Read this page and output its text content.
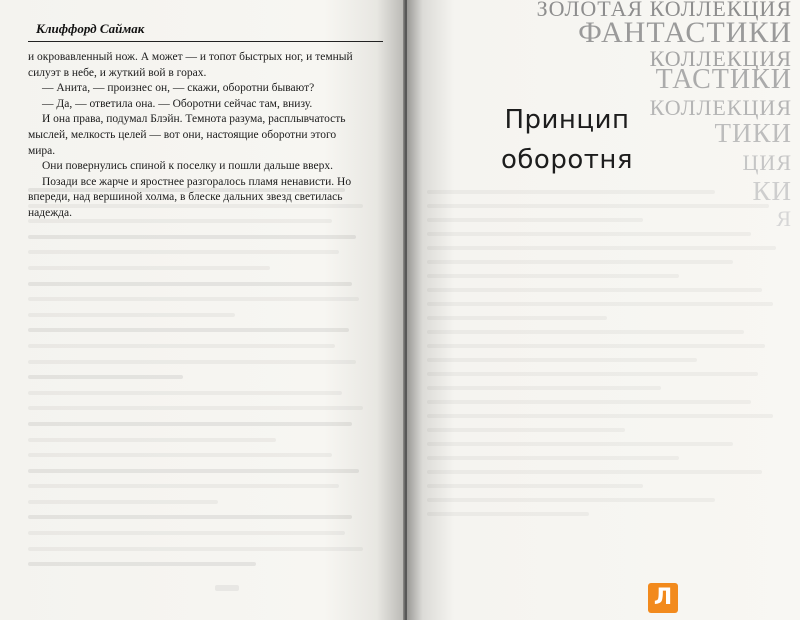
Клиффорд Саймак
и окровавленный нож. А может — и топот быстрых ног, и темный
силуэт в небе, и жуткий вой в горах.
— Анита, — произнес он, — скажи, оборотни бывают?
— Да, — ответила она. — Оборотни сейчас там, внизу.
И она права, подумал Блэйн. Темнота разума, расплывчатость
мыслей, мелкость целей — вот они, настоящие оборотни этого
мира.
Они повернулись спиной к поселку и пошли дальше вверх.
Позади все жарче и яростнее разгоралось пламя ненависти. Но
впереди, над вершиной холма, в блеске дальних звезд светилась
надежда.
ЗОЛОТАЯ КОЛЛЕКЦИЯ
ФАНТАСТИКИ
КОЛЛЕКЦИЯ
ТАСТИКИ
КОЛЛЕКЦИЯ
ТИКИ
ЦИЯ
КИ
Я
Принцип
оборотня
Л
